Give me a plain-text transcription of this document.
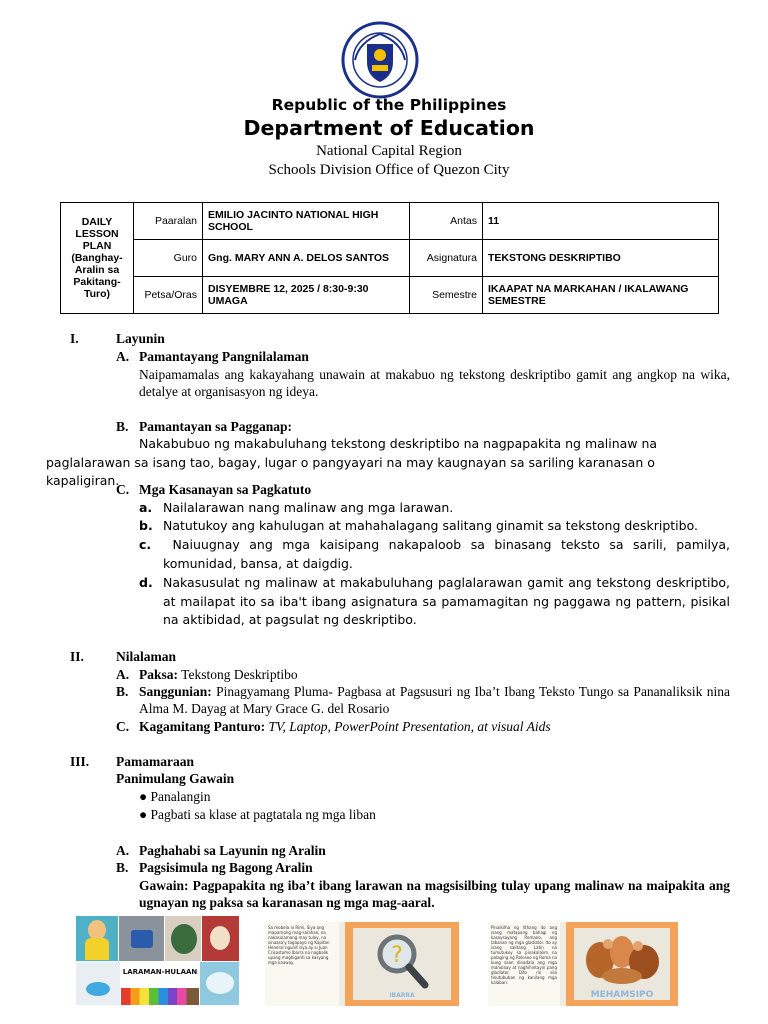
Republic of the Philippines
Department of Education
National Capital Region
Schools Division Office of Quezon City
DAILY LESSON PLAN (Banghay-Aralin sa Pakitang-Turo)	Paaralan	EMILIO JACINTO NATIONAL HIGH SCHOOL	Antas	11
	Guro	Gng. MARY ANN A. DELOS SANTOS	Asignatura	TEKSTONG DESKRIPTIBO
	Petsa/Oras	DISYEMBRE 12, 2025 / 8:30-9:30 UMAGA	Semestre	IKAAPAT NA MARKAHAN / IKALAWANG SEMESTRE
I.	Layunin
A. Pamantayang Pangnilalaman
Naipamamalas ang kakayahang unawain at makabuo ng tekstong deskriptibo gamit ang angkop na wika, detalye at organisasyon ng ideya.
B. Pamantayan sa Pagganap:
Nakabubuo ng makabuluhang tekstong deskriptibo na nagpapakita ng malinaw na paglalarawan sa isang tao, bagay, lugar o pangyayari na may kaugnayan sa sariling karanasan o kapaligiran.
C. Mga Kasanayan sa Pagkatuto
a. Nailalarawan nang malinaw ang mga larawan.
b. Natutukoy ang kahulugan at mahahalagang salitang ginamit sa tekstong deskriptibo.
c. Naiuugnay ang mga kaisipang nakapaloob sa binasang teksto sa sarili, pamilya, komunidad, bansa, at daigdig.
d. Nakasusulat ng malinaw at makabuluhang paglalarawan gamit ang tekstong deskriptibo, at mailapat ito sa iba't ibang asignatura sa pamamagitan ng paggawa ng pattern, pisikal na aktibidad, at pagsulat ng deskriptibo.
II. Nilalaman
A. Paksa: Tekstong Deskriptibo
B. Sanggunian: Pinagyamang Pluma- Pagbasa at Pagsusuri ng Iba’t Ibang Teksto Tungo sa Pananaliksik nina Alma M. Dayag at Mary Grace G. del Rosario
C. Kagamitang Panturo: TV, Laptop, PowerPoint Presentation, at visual Aids
III. Pamamaraan
Panimulang Gawain
● Panalangin
● Pagbati sa klase at pagtatala ng mga liban
A. Paghahabi sa Layunin ng Aralin
B. Pagsisimula ng Bagong Aralin
Gawain: Pagpapakita ng iba’t ibang larawan na magsisilbing tulay upang malinaw na maipakita ang ugnayan ng paksa sa karanasan ng mga mag-aaral.
LARAMAN-HULAAN
Sa mobela ni Rimi, Siya ang maparnong mag-salahan, na nakasulamang may tulay, na sinaasa'y tagapayo ng Kapitan Heneral ngunit siya ay si Juan Crisostomo Ibarra na nagbalik upang maghiganti sa kasyang mga kaaway.	?
IBARRA
Pinaikilha ng lithang ito ang isang matapang bahagi ng kasaysayang Romano, ang labanan ng mga gladiator. Ito ay isang salitang Latin na tumutukoy sa pinakalalim na palaging ng Roloseo ng Roma na kung saan dinadala ang mga manolaay at naghihintayin pang gladiator. Dito rin sila tinutububan ng kanilang mga kalaban.
MEHAMSIPO
